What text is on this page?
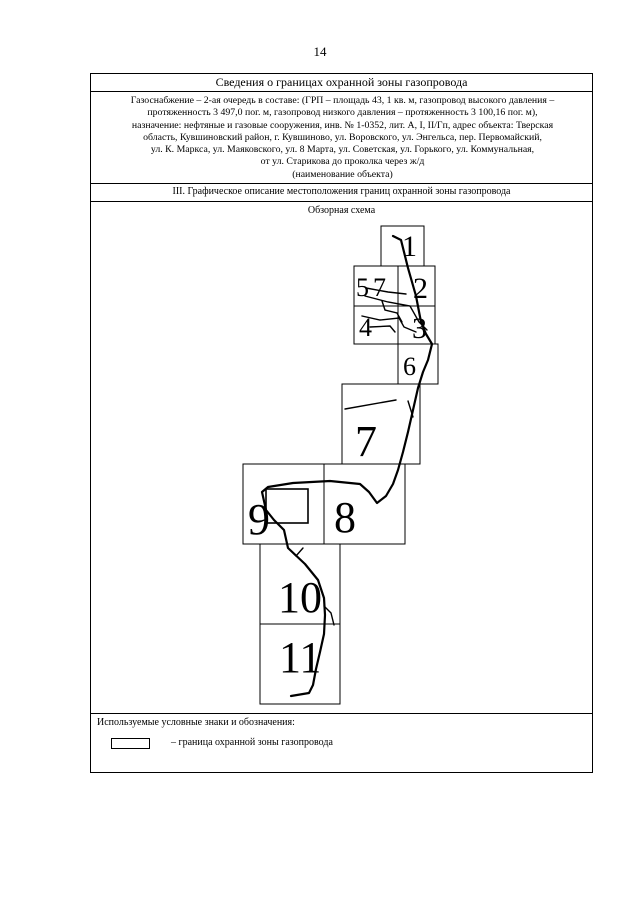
14
Сведения о границах охранной зоны газопровода
Газоснабжение – 2-ая очередь в составе: (ГРП – площадь 43, 1 кв. м, газопровод высокого давления –
протяженность 3 497,0 пог. м, газопровод низкого давления – протяженность 3 100,16 пог. м),
назначение: нефтяные и газовые сооружения, инв. № 1-0352, лит. А, I, II/Гп, адрес объекта: Тверская
область, Кувшиновский район, г. Кувшиново, ул. Воровского, ул. Энгельса, пер. Первомайский,
ул. К. Маркса, ул. Маяковского, ул. 8 Марта, ул. Советская, ул. Горького, ул. Коммунальная,
от ул. Старикова до проколка через ж/д
(наименование объекта)
III. Графическое описание местоположения границ охранной зоны газопровода
Обзорная схема
Используемые условные знаки и обозначения:
– граница охранной зоны газопровода
1
2
3
4
5 7
6
7
8
9
10
11
